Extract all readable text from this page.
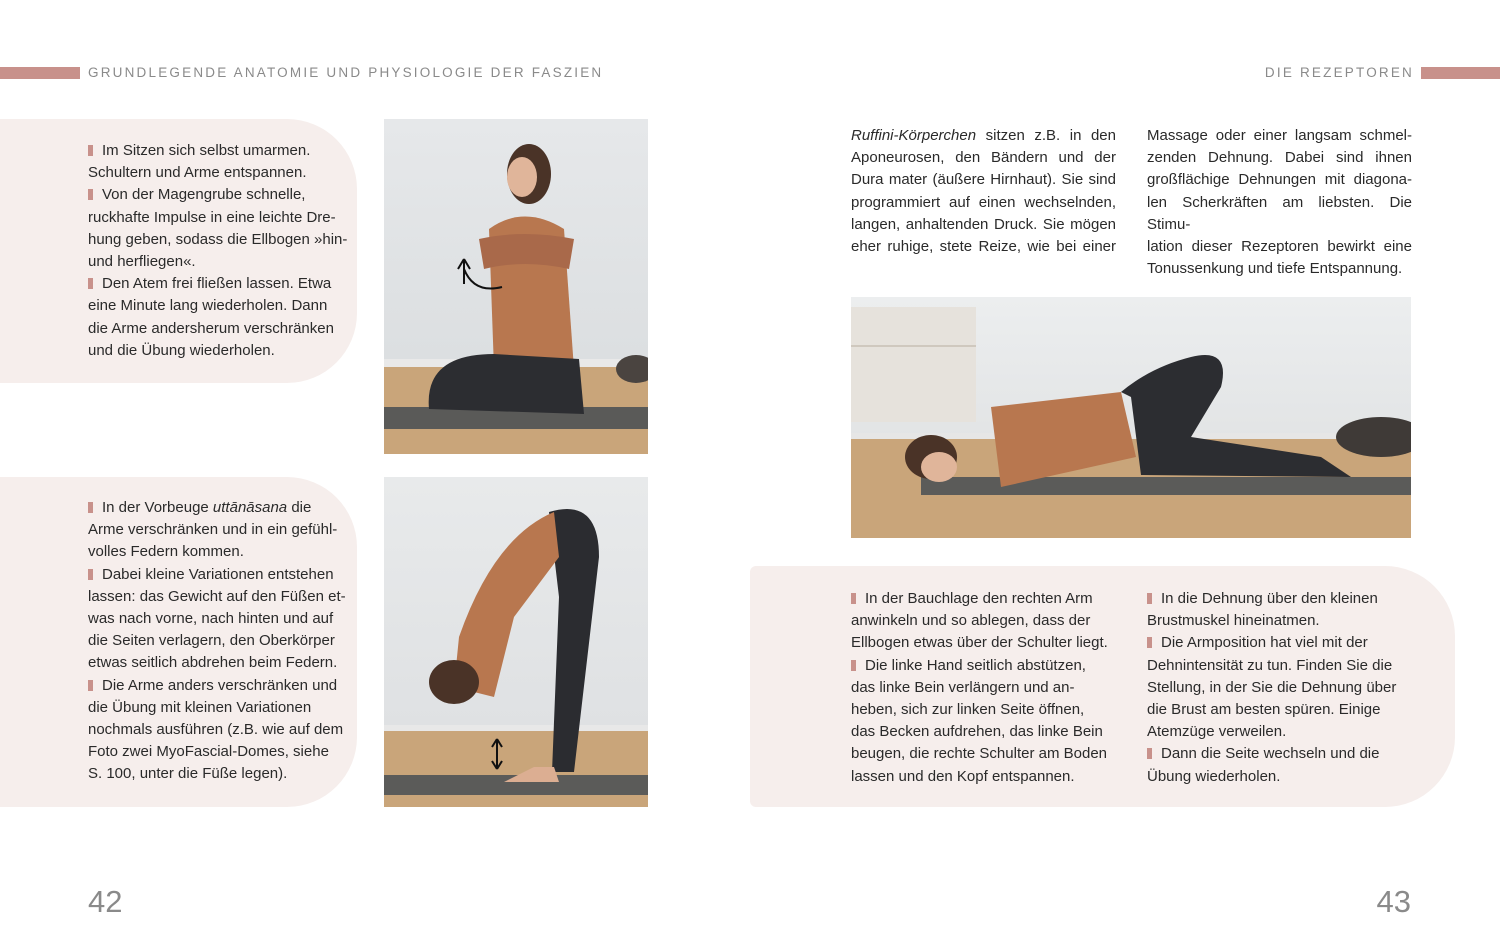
GRUNDLEGENDE ANATOMIE UND PHYSIOLOGIE DER FASZIEN	DIE REZEPTOREN
Im Sitzen sich selbst umarmen.
Schultern und Arme entspannen.
Von der Magengrube schnelle,
ruckhafte Impulse in eine leichte Dre-
hung geben, sodass die Ellbogen »hin-
und herfliegen«.
Den Atem frei fließen lassen. Etwa
eine Minute lang wiederholen. Dann
die Arme andersherum verschränken
und die Übung wiederholen.
In der Vorbeuge uttānāsana die
Arme verschränken und in ein gefühl-
volles Federn kommen.
Dabei kleine Variationen entstehen
lassen: das Gewicht auf den Füßen et-
was nach vorne, nach hinten und auf
die Seiten verlagern, den Oberkörper
etwas seitlich abdrehen beim Federn.
Die Arme anders verschränken und
die Übung mit kleinen Variationen
nochmals ausführen (z.B. wie auf dem
Foto zwei MyoFascial-Domes, siehe
S. 100, unter die Füße legen).
Ruffini-Körperchen sitzen z.B. in den
Aponeurosen, den Bändern und der
Dura mater (äußere Hirnhaut). Sie sind
programmiert auf einen wechselnden,
langen, anhaltenden Druck. Sie mögen
eher ruhige, stete Reize, wie bei einer
Massage oder einer langsam schmel-
zenden Dehnung. Dabei sind ihnen
großflächige Dehnungen mit diagona-
len Scherkräften am liebsten. Die Stimu-
lation dieser Rezeptoren bewirkt eine
Tonussenkung und tiefe Entspannung.
In der Bauchlage den rechten Arm
anwinkeln und so ablegen, dass der
Ellbogen etwas über der Schulter liegt.
Die linke Hand seitlich abstützen,
das linke Bein verlängern und an-
heben, sich zur linken Seite öffnen,
das Becken aufdrehen, das linke Bein
beugen, die rechte Schulter am Boden
lassen und den Kopf entspannen.
In die Dehnung über den kleinen
Brustmuskel hineinatmen.
Die Armposition hat viel mit der
Dehnintensität zu tun. Finden Sie die
Stellung, in der Sie die Dehnung über
die Brust am besten spüren. Einige
Atemzüge verweilen.
Dann die Seite wechseln und die
Übung wiederholen.
42	43
